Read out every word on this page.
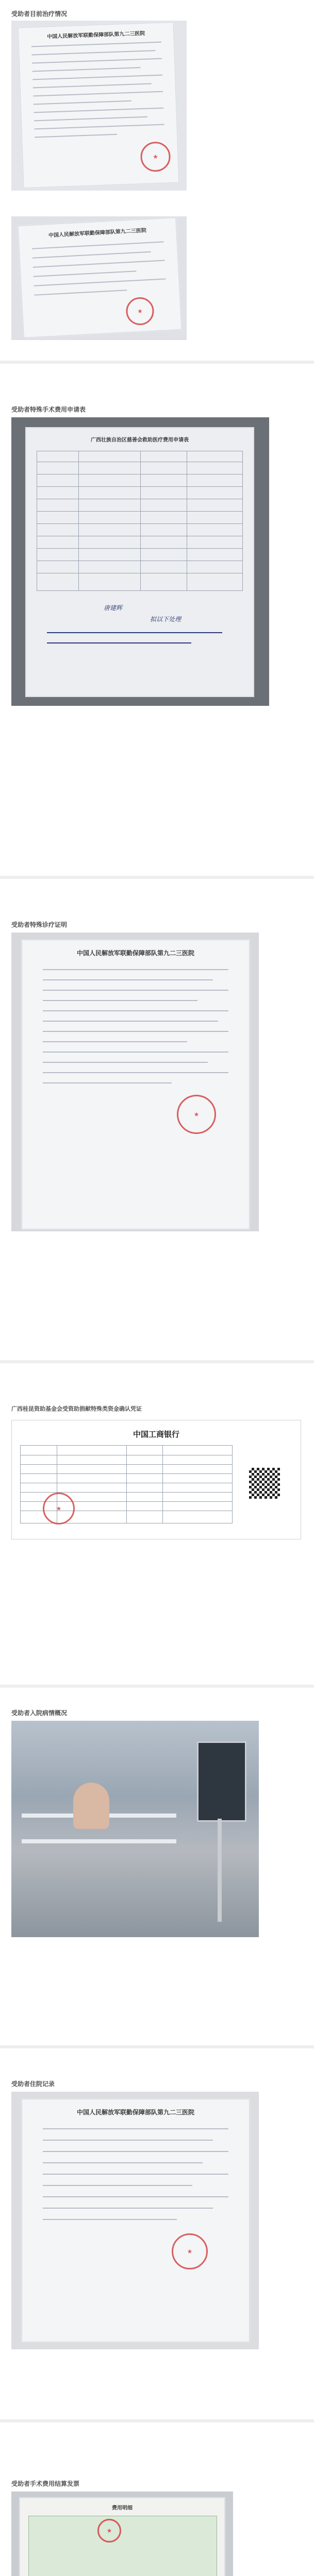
受助者目前治疗情况
中国人民解放军联勤保障部队第九二三医院
★
中国人民解放军联勤保障部队第九二三医院
★
受助者特殊手术费用申请表
广西壮族自治区慈善会救助医疗费用申请表
唐建辉
拟以下处理
受助者特殊诊疗证明
中国人民解放军联勤保障部队第九二三医院
★
广西桂昆资助基金会受资助捐献特殊类资金确认凭证
中国工商银行
★
受助者入院病情概况
受助者住院记录
中国人民解放军联勤保障部队第九二三医院
★
受助者手术费用结算发票
费用明细
★
